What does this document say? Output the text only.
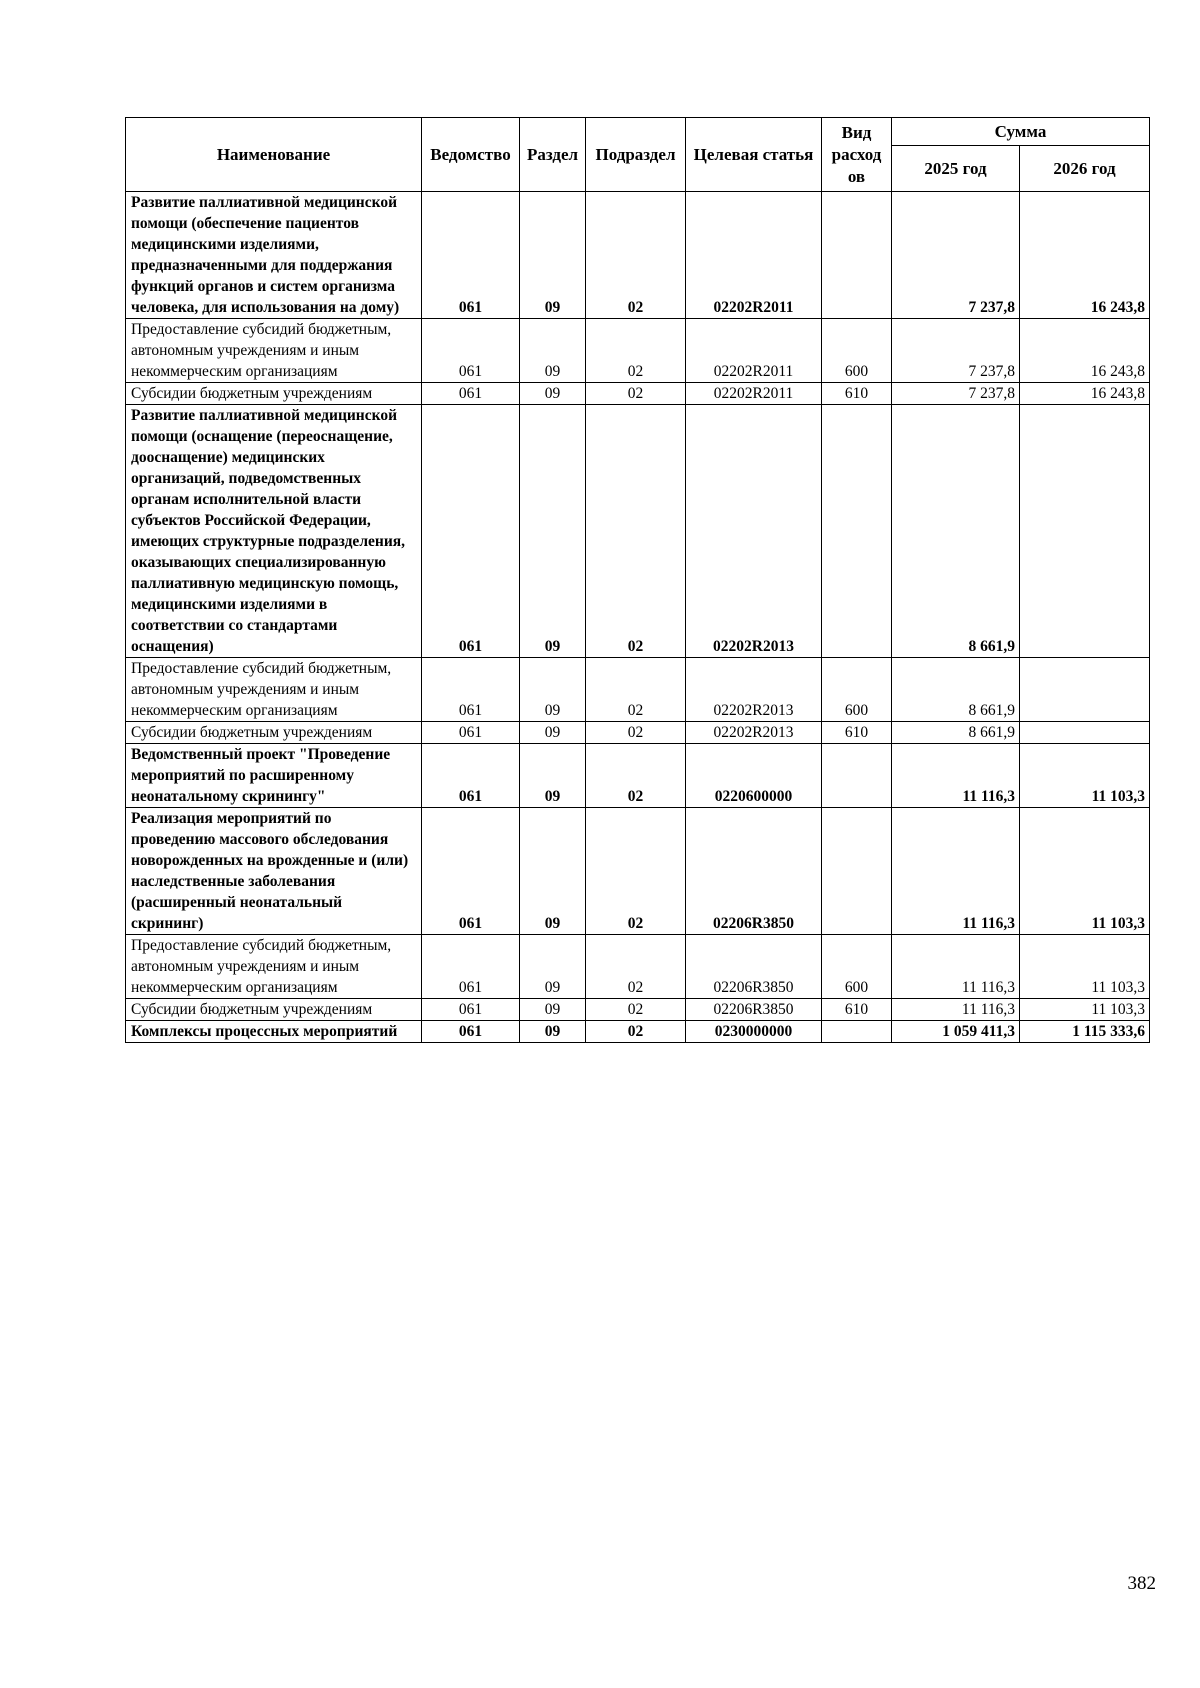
Наименование	Ведомство	Раздел	Подраздел	Целевая статья	Вид расход ов	Сумма	
						2025 год	2026 год
Развитие паллиативной медицинской помощи (обеспечение пациентов медицинскими изделиями, предназначенными для поддержания функций органов и систем организма человека, для использования на дому)	061	09	02	02202R2011		7 237,8	16 243,8
Предоставление субсидий бюджетным, автономным учреждениям и иным некоммерческим организациям	061	09	02	02202R2011	600	7 237,8	16 243,8
Субсидии бюджетным учреждениям	061	09	02	02202R2011	610	7 237,8	16 243,8
Развитие паллиативной медицинской помощи (оснащение (переоснащение, дооснащение) медицинских организаций, подведомственных органам исполнительной власти субъектов Российской Федерации, имеющих структурные подразделения, оказывающих специализированную паллиативную медицинскую помощь, медицинскими изделиями в соответствии со стандартами оснащения)	061	09	02	02202R2013		8 661,9	
Предоставление субсидий бюджетным, автономным учреждениям и иным некоммерческим организациям	061	09	02	02202R2013	600	8 661,9	
Субсидии бюджетным учреждениям	061	09	02	02202R2013	610	8 661,9	
Ведомственный проект "Проведение мероприятий по расширенному неонатальному скринингу"	061	09	02	0220600000		11 116,3	11 103,3
Реализация мероприятий по проведению массового обследования новорожденных на врожденные и (или) наследственные заболевания (расширенный неонатальный скрининг)	061	09	02	02206R3850		11 116,3	11 103,3
Предоставление субсидий бюджетным, автономным учреждениям и иным некоммерческим организациям	061	09	02	02206R3850	600	11 116,3	11 103,3
Субсидии бюджетным учреждениям	061	09	02	02206R3850	610	11 116,3	11 103,3
Комплексы процессных мероприятий	061	09	02	0230000000		1 059 411,3	1 115 333,6
382
